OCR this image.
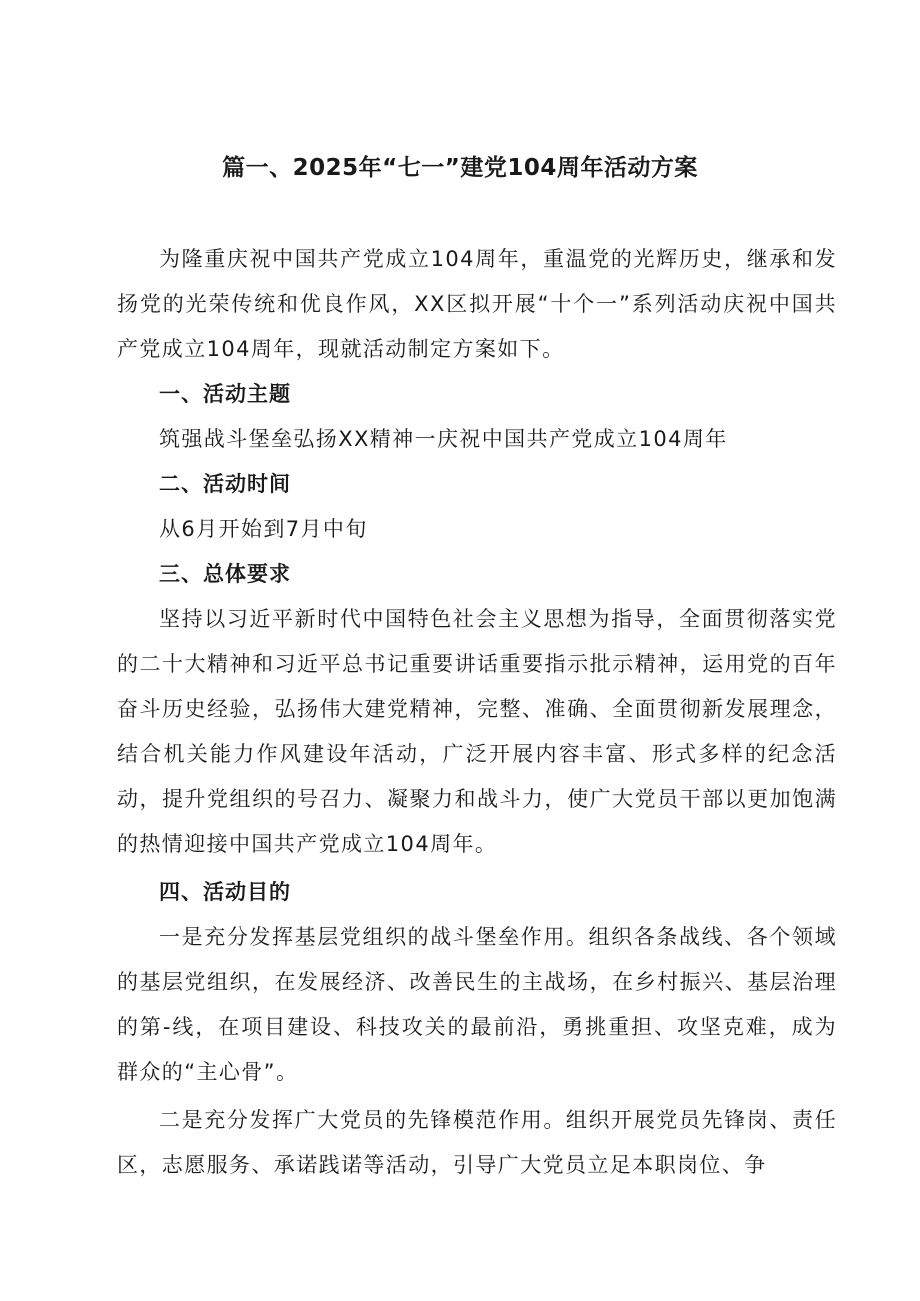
篇一、2025年“七一”建党104周年活动方案

为隆重庆祝中国共产党成立104周年，重温党的光辉历史，继承和发扬党的光荣传统和优良作风，XX区拟开展“十个一”系列活动庆祝中国共产党成立104周年，现就活动制定方案如下。

一、活动主题

筑强战斗堡垒弘扬XX精神一庆祝中国共产党成立104周年

二、活动时间

从6月开始到7月中旬

三、总体要求

坚持以习近平新时代中国特色社会主义思想为指导，全面贯彻落实党的二十大精神和习近平总书记重要讲话重要指示批示精神，运用党的百年奋斗历史经验，弘扬伟大建党精神，完整、准确、全面贯彻新发展理念，结合机关能力作风建设年活动，广泛开展内容丰富、形式多样的纪念活动，提升党组织的号召力、凝聚力和战斗力，使广大党员干部以更加饱满的热情迎接中国共产党成立104周年。

四、活动目的

一是充分发挥基层党组织的战斗堡垒作用。组织各条战线、各个领域的基层党组织，在发展经济、改善民生的主战场，在乡村振兴、基层治理的第-线，在项目建设、科技攻关的最前沿，勇挑重担、攻坚克难，成为群众的“主心骨”。

二是充分发挥广大党员的先锋模范作用。组织开展党员先锋岗、责任区，志愿服务、承诺践诺等活动，引导广大党员立足本职岗位、争
